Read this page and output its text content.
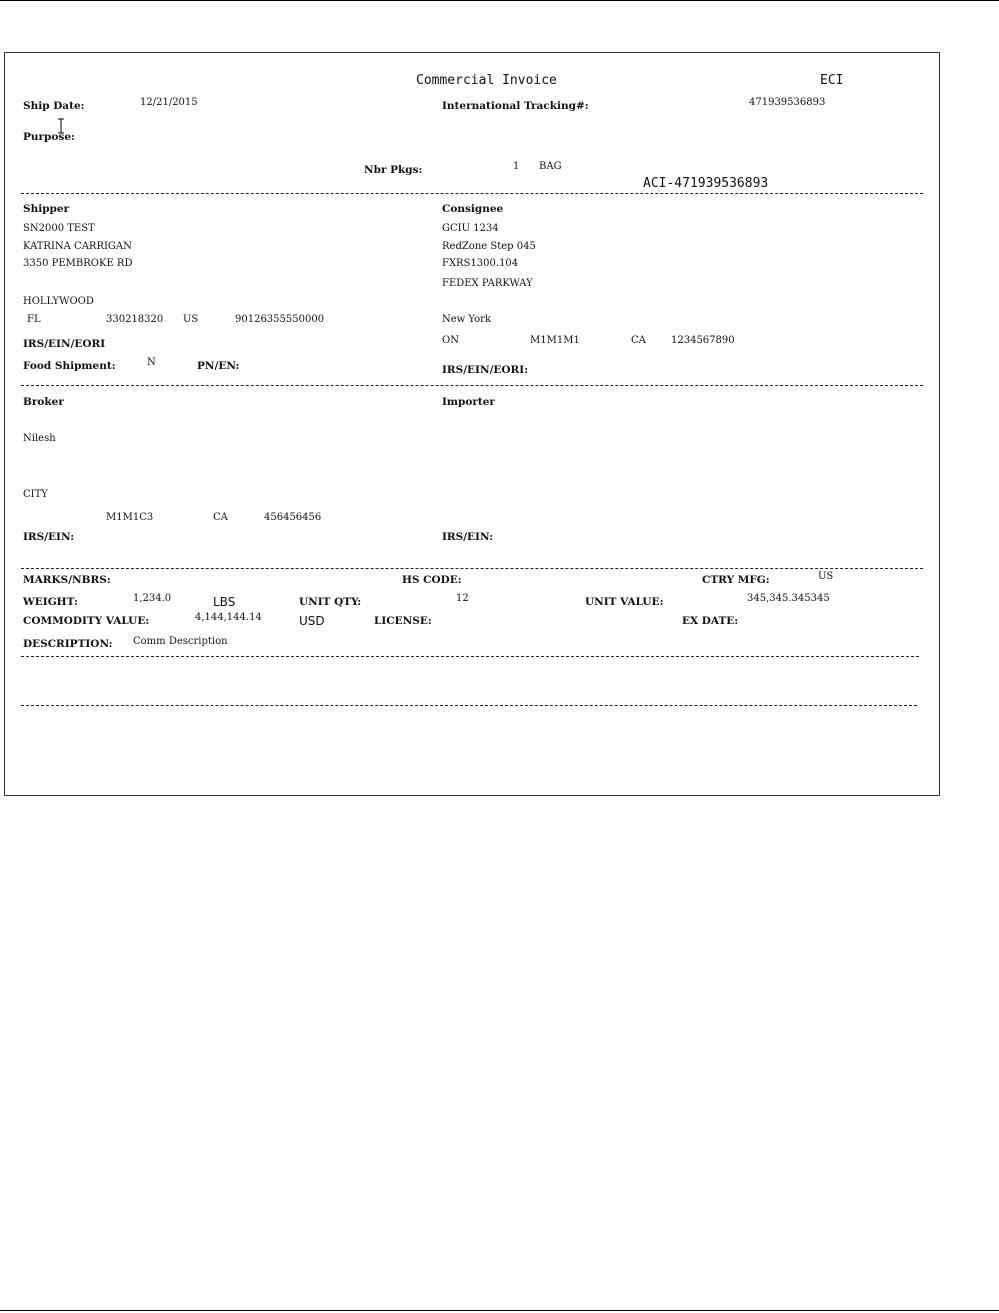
Commercial Invoice	ECI
Ship Date:	12/21/2015	International Tracking#:	471939536893
Purpose:
Nbr Pkgs:	1 BAG
ACI-471939536893
Shipper
SN2000 TEST
KATRINA CARRIGAN
3350 PEMBROKE RD
HOLLYWOOD
FL	330218320 US	90126355550000
IRS/EIN/EORI
Food Shipment:	N	PN/EN:
Consignee
GCIU 1234
RedZone Step 045
FXRS1300.104
FEDEX PARKWAY
New York
ON	M1M1M1	CA	1234567890
IRS/EIN/EORI:
Broker
Nilesh
CITY
M1M1C3	CA	456456456
IRS/EIN:
Importer
IRS/EIN:
MARKS/NBRS:	HS CODE:	CTRY MFG:	US
WEIGHT:	1,234.0	LBS	UNIT QTY:	12	UNIT VALUE:	345,345.345345
COMMODITY VALUE:	4,144,144.14	USD	LICENSE:	EX DATE:
DESCRIPTION: Comm Description
